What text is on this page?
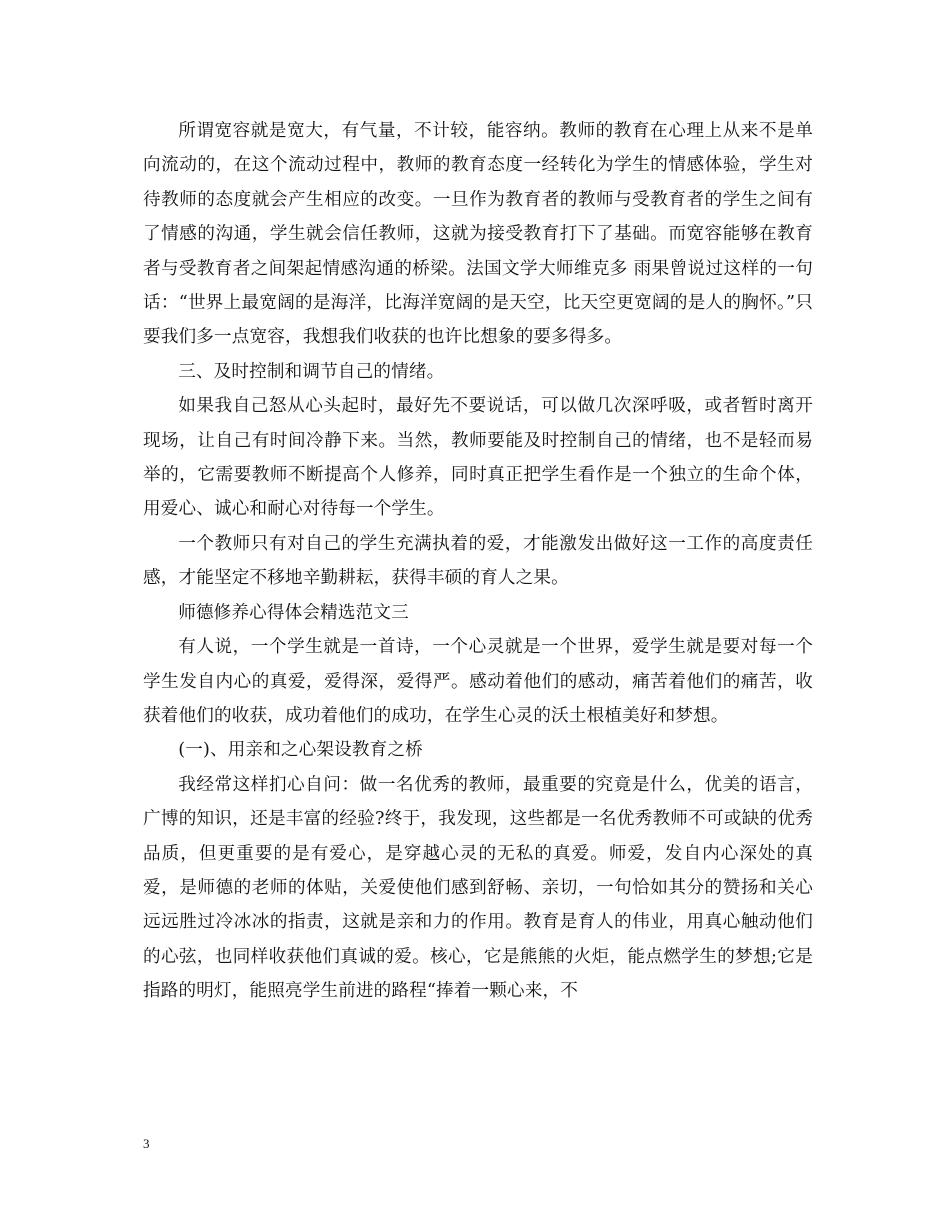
所谓宽容就是宽大，有气量，不计较，能容纳。教师的教育在心理上从来不是单向流动的，在这个流动过程中，教师的教育态度一经转化为学生的情感体验，学生对待教师的态度就会产生相应的改变。一旦作为教育者的教师与受教育者的学生之间有了情感的沟通，学生就会信任教师，这就为接受教育打下了基础。而宽容能够在教育者与受教育者之间架起情感沟通的桥梁。法国文学大师维克多 雨果曾说过这样的一句话：“世界上最宽阔的是海洋，比海洋宽阔的是天空，比天空更宽阔的是人的胸怀。”只要我们多一点宽容，我想我们收获的也许比想象的要多得多。

三、及时控制和调节自己的情绪。

如果我自己怒从心头起时，最好先不要说话，可以做几次深呼吸，或者暂时离开现场，让自己有时间冷静下来。当然，教师要能及时控制自己的情绪，也不是轻而易举的，它需要教师不断提高个人修养，同时真正把学生看作是一个独立的生命个体，用爱心、诚心和耐心对待每一个学生。

一个教师只有对自己的学生充满执着的爱，才能激发出做好这一工作的高度责任感，才能坚定不移地辛勤耕耘，获得丰硕的育人之果。

师德修养心得体会精选范文三

有人说，一个学生就是一首诗，一个心灵就是一个世界，爱学生就是要对每一个学生发自内心的真爱，爱得深，爱得严。感动着他们的感动，痛苦着他们的痛苦，收获着他们的收获，成功着他们的成功，在学生心灵的沃土根植美好和梦想。

(一)、用亲和之心架设教育之桥

我经常这样扪心自问：做一名优秀的教师，最重要的究竟是什么，优美的语言，广博的知识，还是丰富的经验?终于，我发现，这些都是一名优秀教师不可或缺的优秀品质，但更重要的是有爱心，是穿越心灵的无私的真爱。师爱，发自内心深处的真爱，是师德的老师的体贴，关爱使他们感到舒畅、亲切，一句恰如其分的赞扬和关心远远胜过冷冰冰的指责，这就是亲和力的作用。教育是育人的伟业，用真心触动他们的心弦，也同样收获他们真诚的爱。核心，它是熊熊的火炬，能点燃学生的梦想;它是指路的明灯，能照亮学生前进的路程“捧着一颗心来，不

3
